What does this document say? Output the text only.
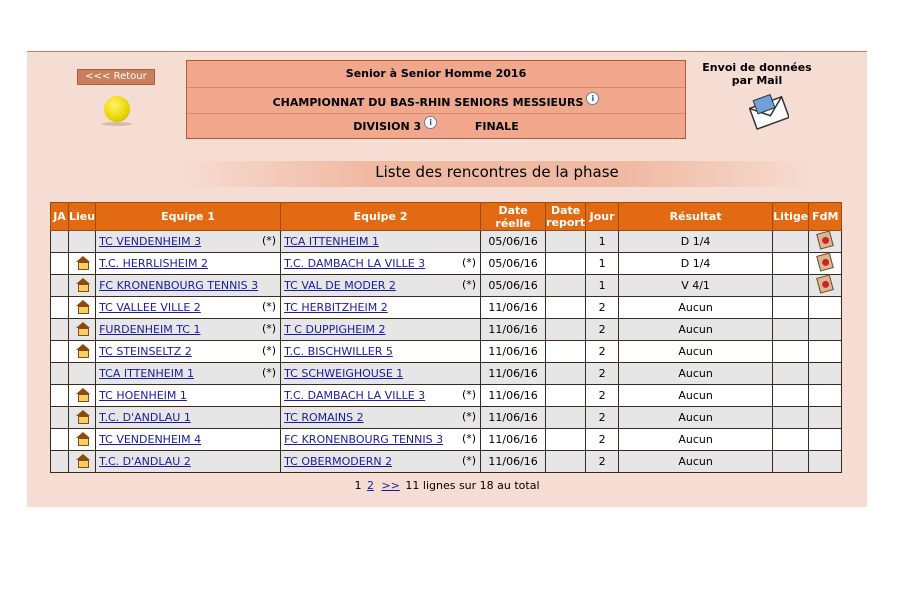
<<< Retour	Senior à Senior Homme 2016
CHAMPIONNAT DU BAS-RHIN SENIORS MESSIEURS i
DIVISION 3 i	FINALE
Envoi de données
par Mail
Liste des rencontres de la phase
JA	Lieu	Equipe 1	Equipe 2	Date réelle	Date report	Jour	Résultat	Litige	FdM
		TC VENDENHEIM 3 (*)	TCA ITTENHEIM 1	05/06/16		1	D 1/4		
		T.C. HERRLISHEIM 2	T.C. DAMBACH LA VILLE 3 (*)	05/06/16		1	D 1/4		
		FC KRONENBOURG TENNIS 3	TC VAL DE MODER 2 (*)	05/06/16		1	V 4/1		
		TC VALLEE VILLE 2 (*)	TC HERBITZHEIM 2	11/06/16		2	Aucun		
		FURDENHEIM TC 1 (*)	T C DUPPIGHEIM 2	11/06/16		2	Aucun		
		TC STEINSELTZ 2 (*)	T.C. BISCHWILLER 5	11/06/16		2	Aucun		
		TCA ITTENHEIM 1 (*)	TC SCHWEIGHOUSE 1	11/06/16		2	Aucun		
		TC HOENHEIM 1	T.C. DAMBACH LA VILLE 3 (*)	11/06/16		2	Aucun		
		T.C. D'ANDLAU 1	TC ROMAINS 2 (*)	11/06/16		2	Aucun		
		TC VENDENHEIM 4	FC KRONENBOURG TENNIS 3 (*)	11/06/16		2	Aucun		
		T.C. D'ANDLAU 2	TC OBERMODERN 2 (*)	11/06/16		2	Aucun		
1 2 >> 11 lignes sur 18 au total
